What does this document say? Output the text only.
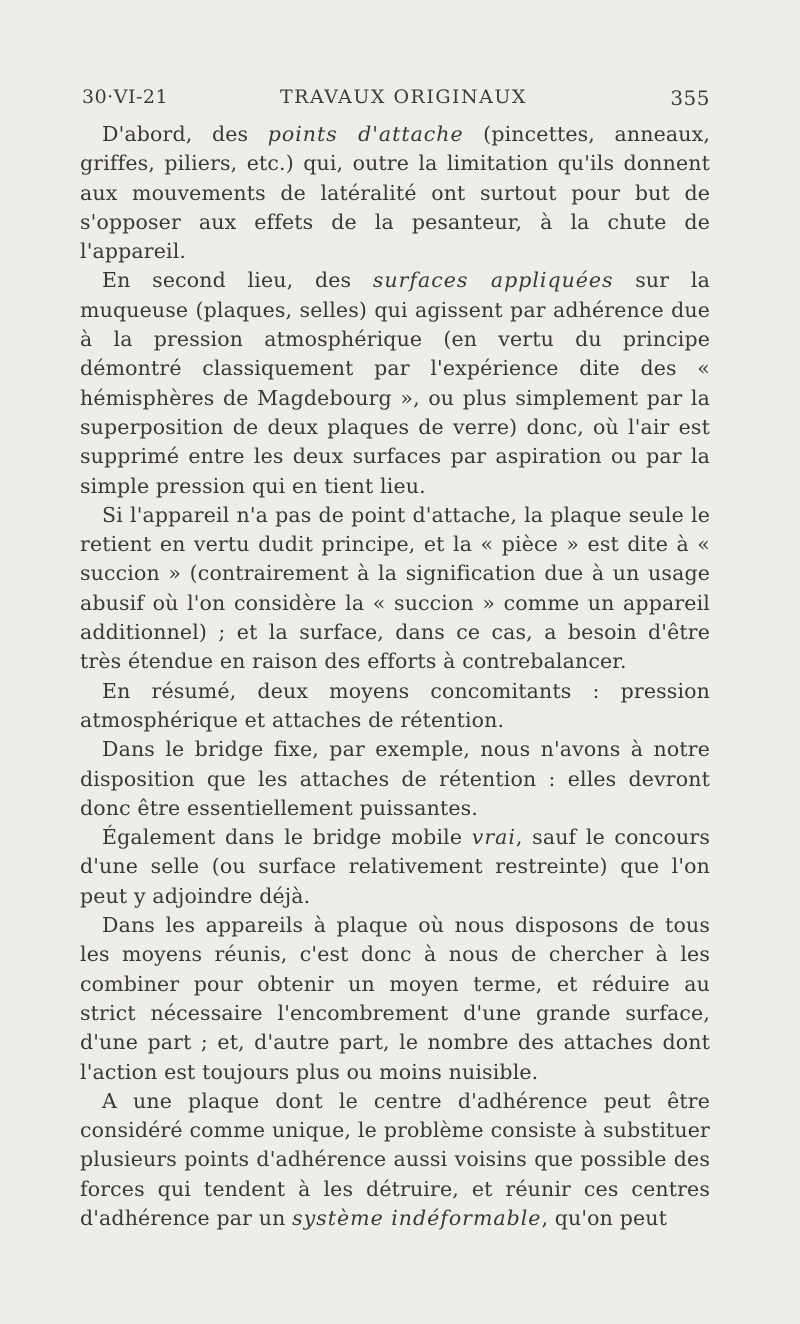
30·VI-21	TRAVAUX ORIGINAUX	355

D'abord, des points d'attache (pincettes, anneaux, griffes, piliers, etc.) qui, outre la limitation qu'ils donnent aux mouvements de latéralité ont surtout pour but de s'opposer aux effets de la pesanteur, à la chute de l'appareil.

En second lieu, des surfaces appliquées sur la muqueuse (plaques, selles) qui agissent par adhérence due à la pression atmosphérique (en vertu du principe démontré classiquement par l'expérience dite des « hémisphères de Magdebourg », ou plus simplement par la superposition de deux plaques de verre) donc, où l'air est supprimé entre les deux surfaces par aspiration ou par la simple pression qui en tient lieu.

Si l'appareil n'a pas de point d'attache, la plaque seule le retient en vertu dudit principe, et la « pièce » est dite à « succion » (contrairement à la signification due à un usage abusif où l'on considère la « succion » comme un appareil additionnel) ; et la surface, dans ce cas, a besoin d'être très étendue en raison des efforts à contrebalancer.

En résumé, deux moyens concomitants : pression atmosphérique et attaches de rétention.

Dans le bridge fixe, par exemple, nous n'avons à notre disposition que les attaches de rétention : elles devront donc être essentiellement puissantes.

Également dans le bridge mobile vrai, sauf le concours d'une selle (ou surface relativement restreinte) que l'on peut y adjoindre déjà.

Dans les appareils à plaque où nous disposons de tous les moyens réunis, c'est donc à nous de chercher à les combiner pour obtenir un moyen terme, et réduire au strict nécessaire l'encombrement d'une grande surface, d'une part ; et, d'autre part, le nombre des attaches dont l'action est toujours plus ou moins nuisible.

A une plaque dont le centre d'adhérence peut être considéré comme unique, le problème consiste à substituer plusieurs points d'adhérence aussi voisins que possible des forces qui tendent à les détruire, et réunir ces centres d'adhérence par un système indéformable, qu'on peut
